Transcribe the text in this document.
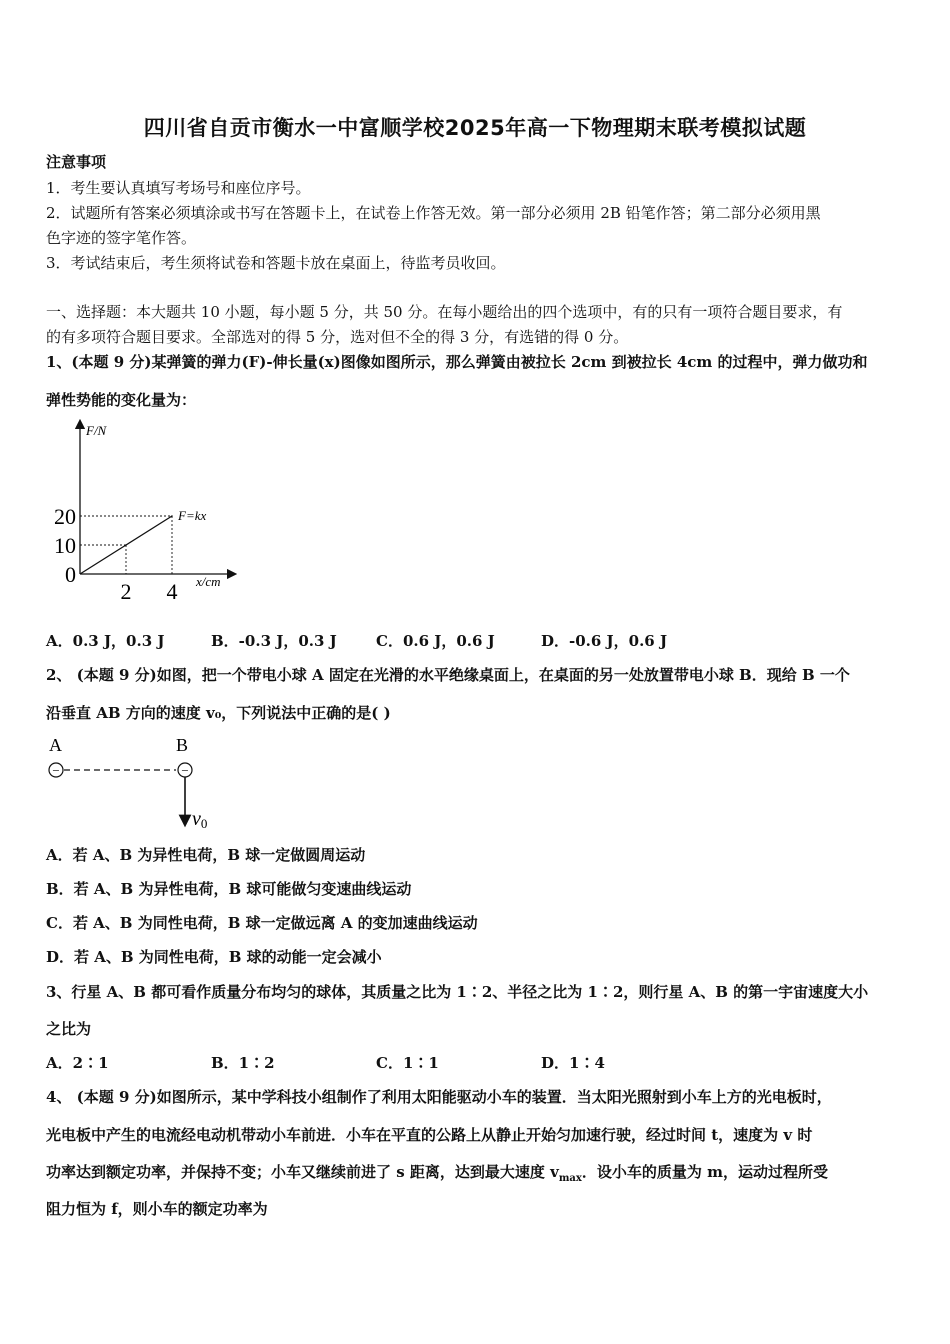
四川省自贡市衡水一中富顺学校2025年高一下物理期末联考模拟试题
注意事项
1．考生要认真填写考场号和座位序号。
2．试题所有答案必须填涂或书写在答题卡上，在试卷上作答无效。第一部分必须用 2B 铅笔作答；第二部分必须用黑
色字迹的签字笔作答。
3．考试结束后，考生须将试卷和答题卡放在桌面上，待监考员收回。
一、选择题：本大题共 10 小题，每小题 5 分，共 50 分。在每小题给出的四个选项中，有的只有一项符合题目要求，有
的有多项符合题目要求。全部选对的得 5 分，选对但不全的得 3 分，有选错的得 0 分。
1、(本题 9 分)某弹簧的弹力(F)-伸长量(x)图像如图所示，那么弹簧由被拉长 2cm 到被拉长 4cm 的过程中，弹力做功和
弹性势能的变化量为：
F/N
x/cm
2 4
20
10
0
F=kx
A．0.3 J，0.3 J	B．-0.3 J，0.3 J	C．0.6 J，0.6 J	D．-0.6 J，0.6 J
2、 (本题 9 分)如图，把一个带电小球 A 固定在光滑的水平绝缘桌面上，在桌面的另一处放置带电小球 B．现给 B 一个
沿垂直 AB 方向的速度 v₀，下列说法中正确的是( )
A	B
−	−
v0
A．若 A、B 为异性电荷，B 球一定做圆周运动
B．若 A、B 为异性电荷，B 球可能做匀变速曲线运动
C．若 A、B 为同性电荷，B 球一定做远离 A 的变加速曲线运动
D．若 A、B 为同性电荷，B 球的动能一定会减小
3、行星 A、B 都可看作质量分布均匀的球体，其质量之比为 1∶2、半径之比为 1∶2，则行星 A、B 的第一宇宙速度大小
之比为
A．2∶1	B．1∶2	C．1∶1	D．1∶4
4、 (本题 9 分)如图所示，某中学科技小组制作了利用太阳能驱动小车的装置．当太阳光照射到小车上方的光电板时，
光电板中产生的电流经电动机带动小车前进．小车在平直的公路上从静止开始匀加速行驶，经过时间 t，速度为 v 时
功率达到额定功率，并保持不变；小车又继续前进了 s 距离，达到最大速度 $v_{max}$．设小车的质量为 m，运动过程所受
阻力恒为 f，则小车的额定功率为
